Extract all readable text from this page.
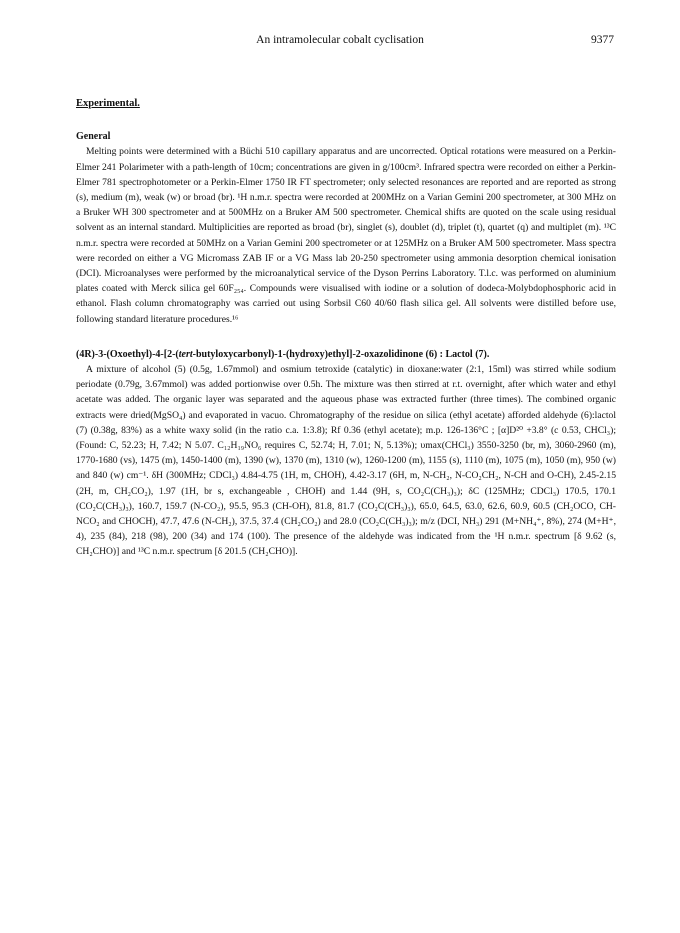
An intramolecular cobalt cyclisation	9377

Experimental.

General

Melting points were determined with a Büchi 510 capillary apparatus and are uncorrected. Optical rotations were measured on a Perkin-Elmer 241 Polarimeter with a path-length of 10cm; concentrations are given in g/100cm³. Infrared spectra were recorded on either a Perkin-Elmer 781 spectrophotometer or a Perkin-Elmer 1750 IR FT spectrometer; only selected resonances are reported and are reported as strong (s), medium (m), weak (w) or broad (br). ¹H n.m.r. spectra were recorded at 200MHz on a Varian Gemini 200 spectrometer, at 300 MHz on a Bruker WH 300 spectrometer and at 500MHz on a Bruker AM 500 spectrometer. Chemical shifts are quoted on the scale using residual solvent as an internal standard. Multiplicities are reported as broad (br), singlet (s), doublet (d), triplet (t), quartet (q) and multiplet (m). ¹³C n.m.r. spectra were recorded at 50MHz on a Varian Gemini 200 spectrometer or at 125MHz on a Bruker AM 500 spectrometer. Mass spectra were recorded on either a VG Micromass ZAB IF or a VG Mass lab 20-250 spectrometer using ammonia desorption chemical ionisation (DCI). Microanalyses were performed by the microanalytical service of the Dyson Perrins Laboratory. T.l.c. was performed on aluminium plates coated with Merck silica gel 60F₂₅₄. Compounds were visualised with iodine or a solution of dodeca-Molybdophosphoric acid in ethanol. Flash column chromatography was carried out using Sorbsil C60 40/60 flash silica gel. All solvents were distilled before use, following standard literature procedures.¹⁶

(4R)-3-(Oxoethyl)-4-[2-(tert-butyloxycarbonyl)-1-(hydroxy)ethyl]-2-oxazolidinone (6) : Lactol (7).

A mixture of alcohol (5) (0.5g, 1.67mmol) and osmium tetroxide (catalytic) in dioxane:water (2:1, 15ml) was stirred while sodium periodate (0.79g, 3.67mmol) was added portionwise over 0.5h. The mixture was then stirred at r.t. overnight, after which water and ethyl acetate was added. The organic layer was separated and the aqueous phase was extracted further (three times). The combined organic extracts were dried(MgSO₄) and evaporated in vacuo. Chromatography of the residue on silica (ethyl acetate) afforded aldehyde (6):lactol (7) (0.38g, 83%) as a white waxy solid (in the ratio c.a. 1:3.8); Rf 0.36 (ethyl acetate); m.p. 126-136°C ; [α]D²⁰ +3.8° (c 0.53, CHCl₃); (Found: C, 52.23; H, 7.42; N 5.07. C₁₂H₁₉NO₆ requires C, 52.74; H, 7.01; N, 5.13%); υmax(CHCl₃) 3550-3250 (br, m), 3060-2960 (m), 1770-1680 (vs), 1475 (m), 1450-1400 (m), 1390 (w), 1370 (m), 1310 (w), 1260-1200 (m), 1155 (s), 1110 (m), 1075 (m), 1050 (m), 950 (w) and 840 (w) cm⁻¹. δH (300MHz; CDCl₃) 4.84-4.75 (1H, m, CHOH), 4.42-3.17 (6H, m, N-CH₂, N-CO₂CH₂, N-CH and O-CH), 2.45-2.15 (2H, m, CH₂CO₂), 1.97 (1H, br s, exchangeable , CHOH) and 1.44 (9H, s, CO₂C(CH₃)₃); δC (125MHz; CDCl₃) 170.5, 170.1 (CO₂C(CH₃)₃), 160.7, 159.7 (N-CO₂), 95.5, 95.3 (CH-OH), 81.8, 81.7 (CO₂C(CH₃)₃), 65.0, 64.5, 63.0, 62.6, 60.9, 60.5 (CH₂OCO, CH-NCO₂ and CHOCH), 47.7, 47.6 (N-CH₂), 37.5, 37.4 (CH₂CO₂) and 28.0 (CO₂C(CH₃)₃); m/z (DCI, NH₃) 291 (M+NH₄⁺, 8%), 274 (M+H⁺, 4), 235 (84), 218 (98), 200 (34) and 174 (100). The presence of the aldehyde was indicated from the ¹H n.m.r. spectrum [δ 9.62 (s, CH₂CHO)] and ¹³C n.m.r. spectrum [δ 201.5 (CH₂CHO)].
